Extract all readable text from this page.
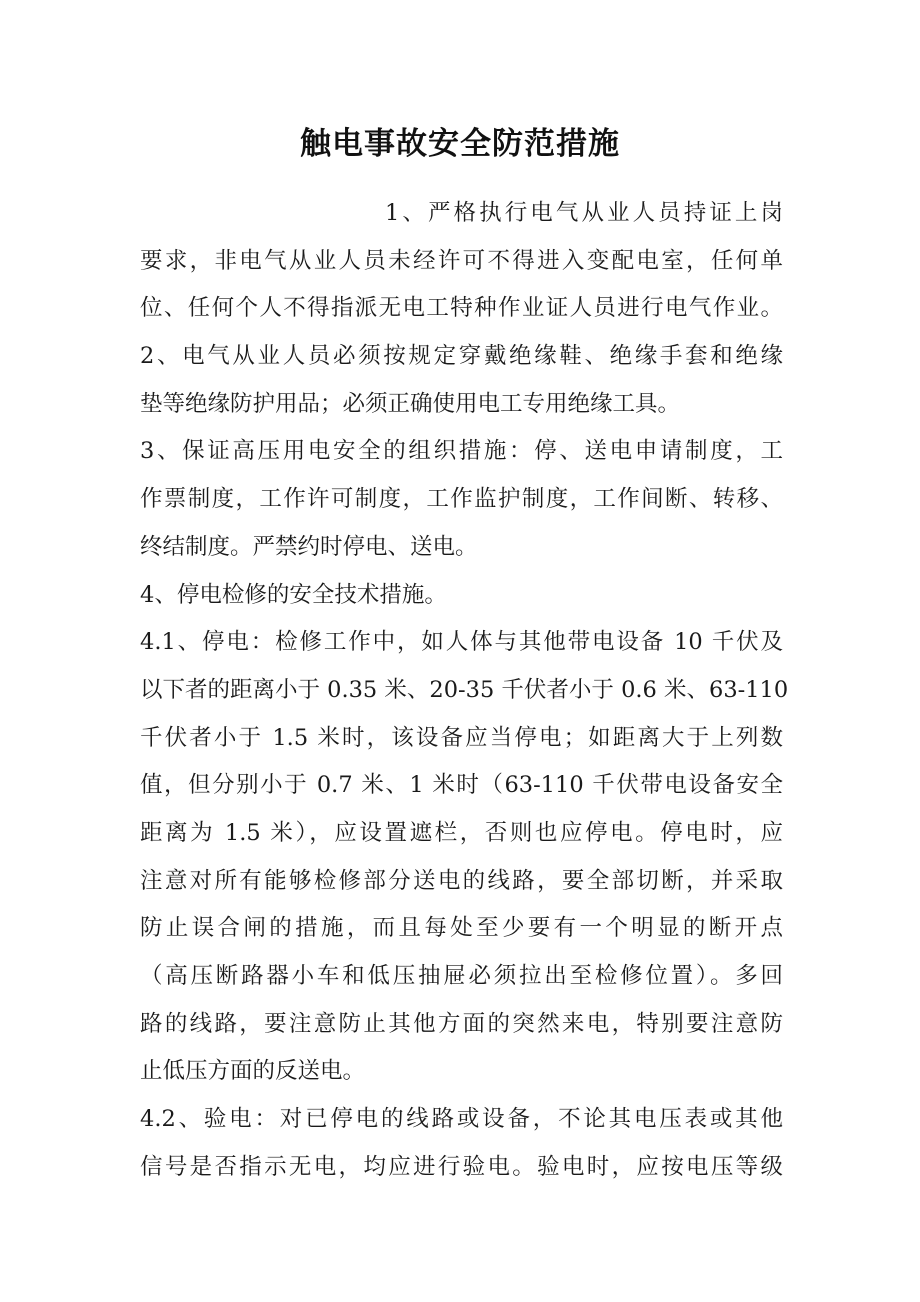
触电事故安全防范措施
1、严格执行电气从业人员持证上岗
要求，非电气从业人员未经许可不得进入变配电室，任何单
位、任何个人不得指派无电工特种作业证人员进行电气作业。
2、电气从业人员必须按规定穿戴绝缘鞋、绝缘手套和绝缘
垫等绝缘防护用品；必须正确使用电工专用绝缘工具。
3、保证高压用电安全的组织措施：停、送电申请制度，工
作票制度，工作许可制度，工作监护制度，工作间断、转移、
终结制度。严禁约时停电、送电。
4、停电检修的安全技术措施。
4.1、停电：检修工作中，如人体与其他带电设备 10 千伏及
以下者的距离小于 0.35 米、20-35 千伏者小于 0.6 米、63-110
千伏者小于 1.5 米时，该设备应当停电；如距离大于上列数
值，但分别小于 0.7 米、1 米时（63-110 千伏带电设备安全
距离为 1.5 米），应设置遮栏，否则也应停电。停电时，应
注意对所有能够检修部分送电的线路，要全部切断，并采取
防止误合闸的措施，而且每处至少要有一个明显的断开点
（高压断路器小车和低压抽屉必须拉出至检修位置）。多回
路的线路，要注意防止其他方面的突然来电，特别要注意防
止低压方面的反送电。
4.2、验电：对已停电的线路或设备，不论其电压表或其他
信号是否指示无电，均应进行验电。验电时，应按电压等级
